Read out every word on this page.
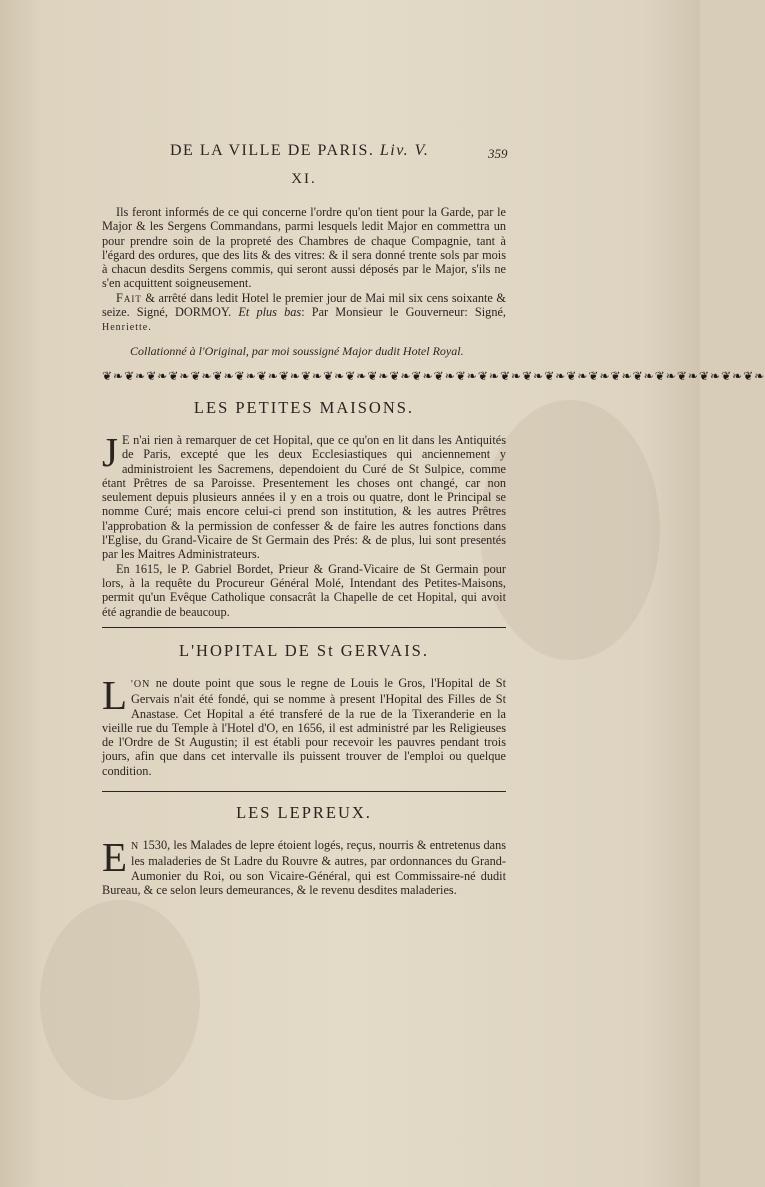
DE LA VILLE DE PARIS. Liv. V.	359
XI.

Ils feront informés de ce qui concerne l'ordre qu'on tient pour la Garde, par le Major & les Sergens Commandans, parmi lesquels ledit Major en commettra un pour prendre soin de la propreté des Chambres de chaque Compagnie, tant à l'égard des ordures, que des lits & des vitres: & il sera donné trente sols par mois à chacun desdits Sergens commis, qui seront aussi déposés par le Major, s'ils ne s'en acquittent soigneusement.

Fait & arrêté dans ledit Hotel le premier jour de Mai mil six cens soixante & seize. Signé, DORMOY. Et plus bas: Par Monsieur le Gouverneur: Signé, Henriette.

Collationné à l'Original, par moi soussigné Major dudit Hotel Royal.
❦❧❦❧❦❧❦❧❦❧❦❧❦❧❦❧❦❧❦❧❦❧❦❧❦❧❦❧❦❧❦❧❦❧❦❧❦❧❦❧❦❧❦❧❦❧❦❧❦❧❦❧❦❧❦❧❦❧❦❧
LES PETITES MAISONS.

J E n'ai rien à remarquer de cet Hopital, que ce qu'on en lit dans les Antiquités de Paris, excepté que les deux Ecclesiastiques qui anciennement y administroient les Sacremens, dependoient du Curé de St Sulpice, comme étant Prêtres de sa Paroisse. Presentement les choses ont changé, car non seulement depuis plusieurs années il y en a trois ou quatre, dont le Principal se nomme Curé; mais encore celui-ci prend son institution, & les autres Prêtres l'approbation & la permission de confesser & de faire les autres fonctions dans l'Eglise, du Grand-Vicaire de St Germain des Prés: & de plus, lui sont presentés par les Maitres Administrateurs.

En 1615, le P. Gabriel Bordet, Prieur & Grand-Vicaire de St Germain pour lors, à la requête du Procureur Général Molé, Intendant des Petites-Maisons, permit qu'un Evêque Catholique consacrât la Chapelle de cet Hopital, qui avoit été agrandie de beaucoup.

L'HOPITAL DE St GERVAIS.

L 'ON ne doute point que sous le regne de Louis le Gros, l'Hopital de St Gervais n'ait été fondé, qui se nomme à present l'Hopital des Filles de St Anastase. Cet Hopital a été transferé de la rue de la Tixeranderie en la vieille rue du Temple à l'Hotel d'O, en 1656, il est administré par les Religieuses de l'Ordre de St Augustin; il est établi pour recevoir les pauvres pendant trois jours, afin que dans cet intervalle ils puissent trouver de l'emploi ou quelque condition.

LES LEPREUX.

E N 1530, les Malades de lepre étoient logés, reçus, nourris & entretenus dans les maladeries de St Ladre du Rouvre & autres, par ordonnances du Grand-Aumonier du Roi, ou son Vicaire-Général, qui est Commissaire-né dudit Bureau, & ce selon leurs demeurances, & le revenu desdites maladeries.
